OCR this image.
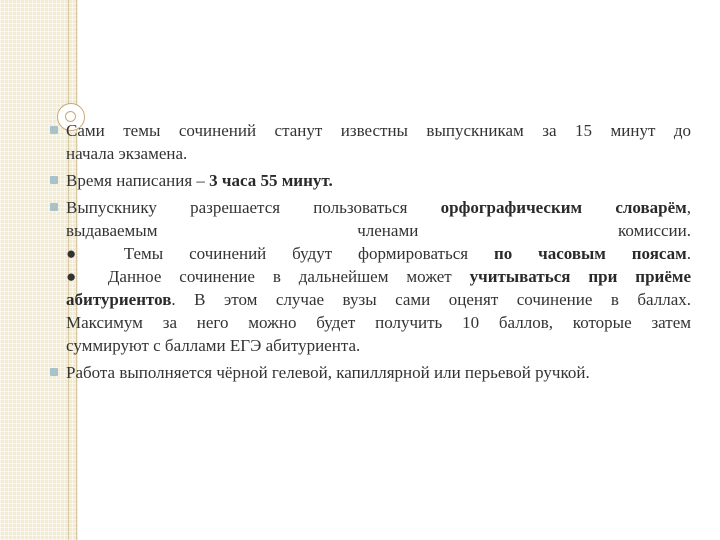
Сами темы сочинений станут известны выпускникам за 15 минут до
начала экзамена.
Время написания – 3 часа 55 минут.
Выпускнику разрешается пользоваться орфографическим словарём,
выдаваемым членами комиссии.
● Темы сочинений будут формироваться по часовым поясам.
● Данное сочинение в дальнейшем может учитываться при приёме
абитуриентов. В этом случае вузы сами оценят сочинение в баллах.
Максимум за него можно будет получить 10 баллов, которые затем
суммируют с баллами ЕГЭ абитуриента.
Работа выполняется чёрной гелевой, капиллярной или перьевой ручкой.
